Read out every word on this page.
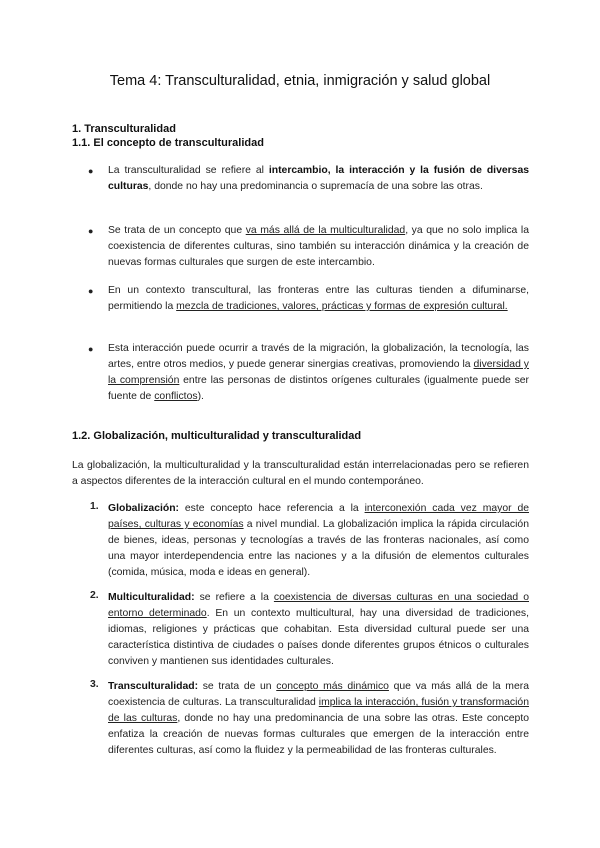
Tema 4: Transculturalidad, etnia, inmigración y salud global
1. Transculturalidad
1.1. El concepto de transculturalidad
● La transculturalidad se refiere al intercambio, la interacción y la fusión de diversas culturas, donde no hay una predominancia o supremacía de una sobre las otras.
● Se trata de un concepto que va más allá de la multiculturalidad, ya que no solo implica la coexistencia de diferentes culturas, sino también su interacción dinámica y la creación de nuevas formas culturales que surgen de este intercambio.
● En un contexto transcultural, las fronteras entre las culturas tienden a difuminarse, permitiendo la mezcla de tradiciones, valores, prácticas y formas de expresión cultural.
● Esta interacción puede ocurrir a través de la migración, la globalización, la tecnología, las artes, entre otros medios, y puede generar sinergias creativas, promoviendo la diversidad y la comprensión entre las personas de distintos orígenes culturales (igualmente puede ser fuente de conflictos).
1.2. Globalización, multiculturalidad y transculturalidad
La globalización, la multiculturalidad y la transculturalidad están interrelacionadas pero se refieren a aspectos diferentes de la interacción cultural en el mundo contemporáneo.
1. Globalización: este concepto hace referencia a la interconexión cada vez mayor de países, culturas y economías a nivel mundial. La globalización implica la rápida circulación de bienes, ideas, personas y tecnologías a través de las fronteras nacionales, así como una mayor interdependencia entre las naciones y a la difusión de elementos culturales (comida, música, moda e ideas en general).
2. Multiculturalidad: se refiere a la coexistencia de diversas culturas en una sociedad o entorno determinado. En un contexto multicultural, hay una diversidad de tradiciones, idiomas, religiones y prácticas que cohabitan. Esta diversidad cultural puede ser una característica distintiva de ciudades o países donde diferentes grupos étnicos o culturales conviven y mantienen sus identidades culturales.
3. Transculturalidad: se trata de un concepto más dinámico que va más allá de la mera coexistencia de culturas. La transculturalidad implica la interacción, fusión y transformación de las culturas, donde no hay una predominancia de una sobre las otras. Este concepto enfatiza la creación de nuevas formas culturales que emergen de la interacción entre diferentes culturas, así como la fluidez y la permeabilidad de las fronteras culturales.
